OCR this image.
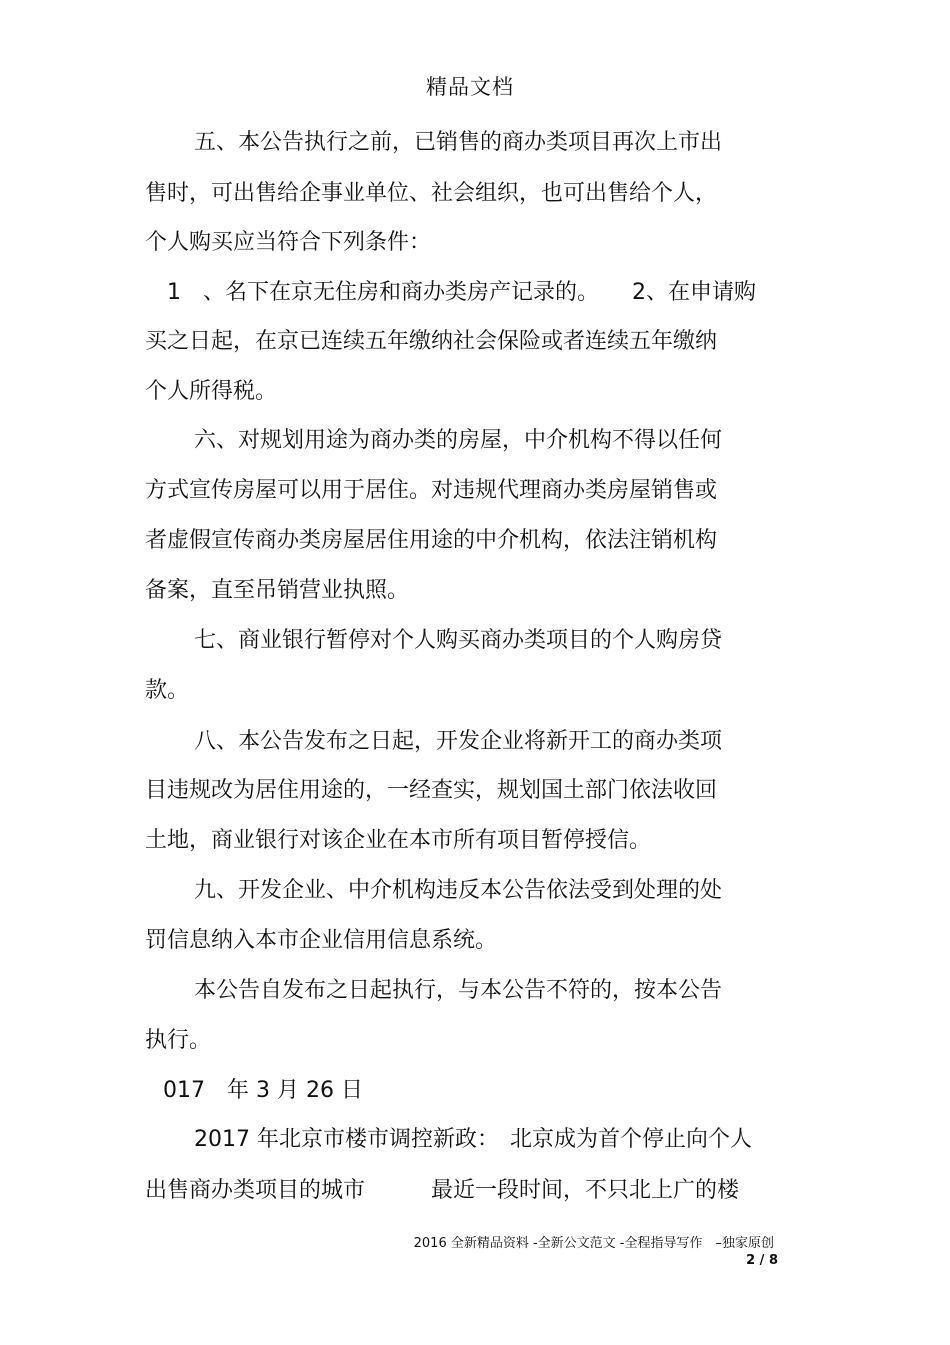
精品文档
五、本公告执行之前，已销售的商办类项目再次上市出
售时，可出售给企事业单位、社会组织，也可出售给个人，
个人购买应当符合下列条件：
1　、名下在京无住房和商办类房产记录的。　　2、在申请购
买之日起，在京已连续五年缴纳社会保险或者连续五年缴纳
个人所得税。
六、对规划用途为商办类的房屋，中介机构不得以任何
方式宣传房屋可以用于居住。对违规代理商办类房屋销售或
者虚假宣传商办类房屋居住用途的中介机构，依法注销机构
备案，直至吊销营业执照。
七、商业银行暂停对个人购买商办类项目的个人购房贷
款。
八、本公告发布之日起，开发企业将新开工的商办类项
目违规改为居住用途的，一经查实，规划国土部门依法收回
土地，商业银行对该企业在本市所有项目暂停授信。
九、开发企业、中介机构违反本公告依法受到处理的处
罚信息纳入本市企业信用信息系统。
本公告自发布之日起执行，与本公告不符的，按本公告
执行。
017　年 3 月 26 日
2017 年北京市楼市调控新政：　北京成为首个停止向个人
出售商办类项目的城市　　　最近一段时间，不只北上广的楼
2016 全新精品资料 -全新公文范文 -全程指导写作　–独家原创
2 / 8
